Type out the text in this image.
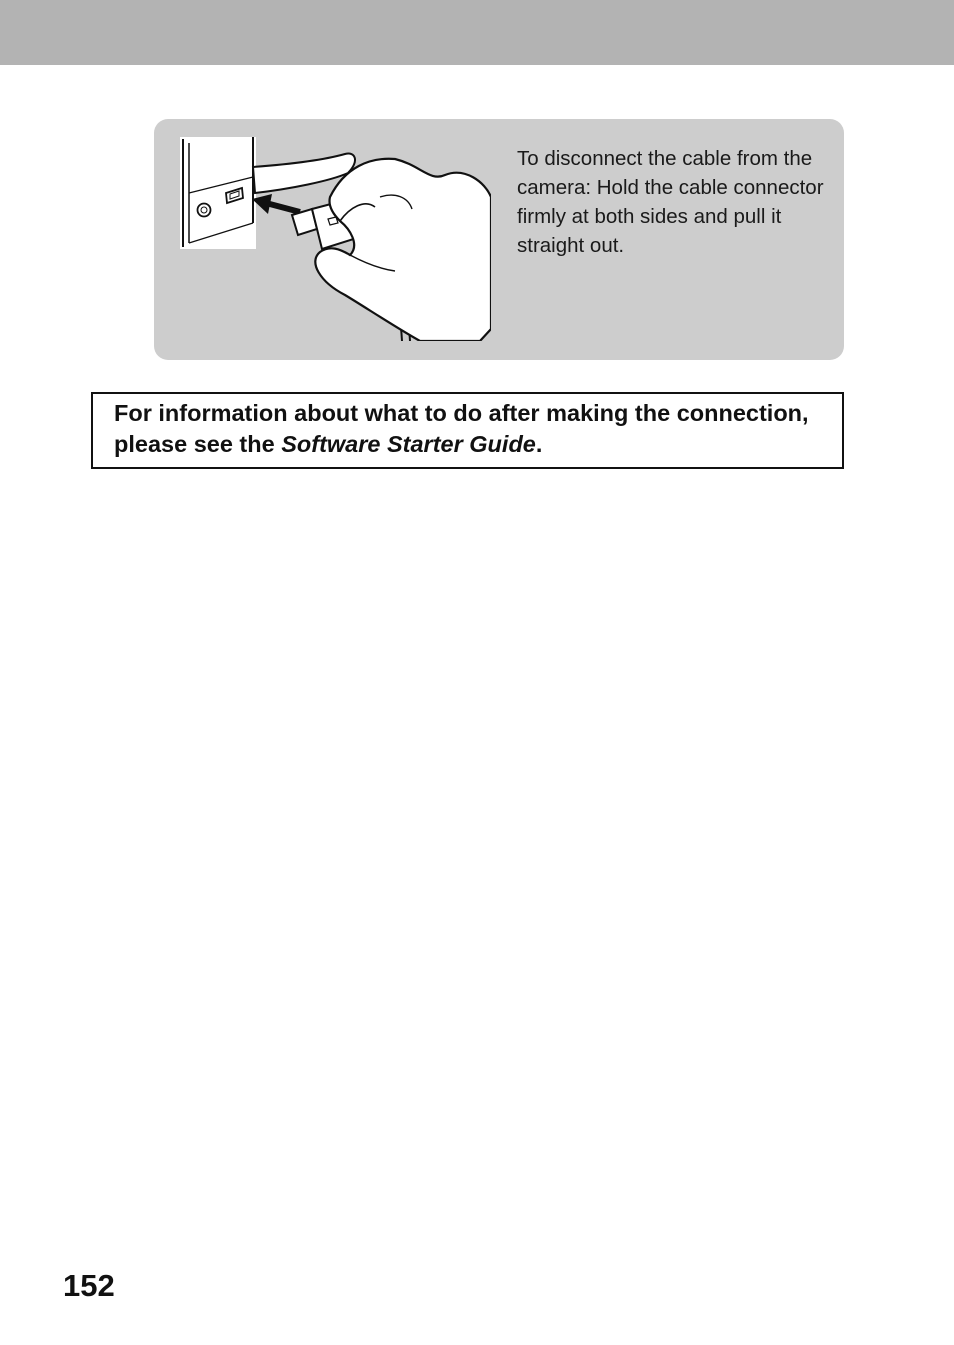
To disconnect the cable from the camera: Hold the cable connector firmly at both sides and pull it straight out.
For information about what to do after making the connection, please see the Software Starter Guide.
152
